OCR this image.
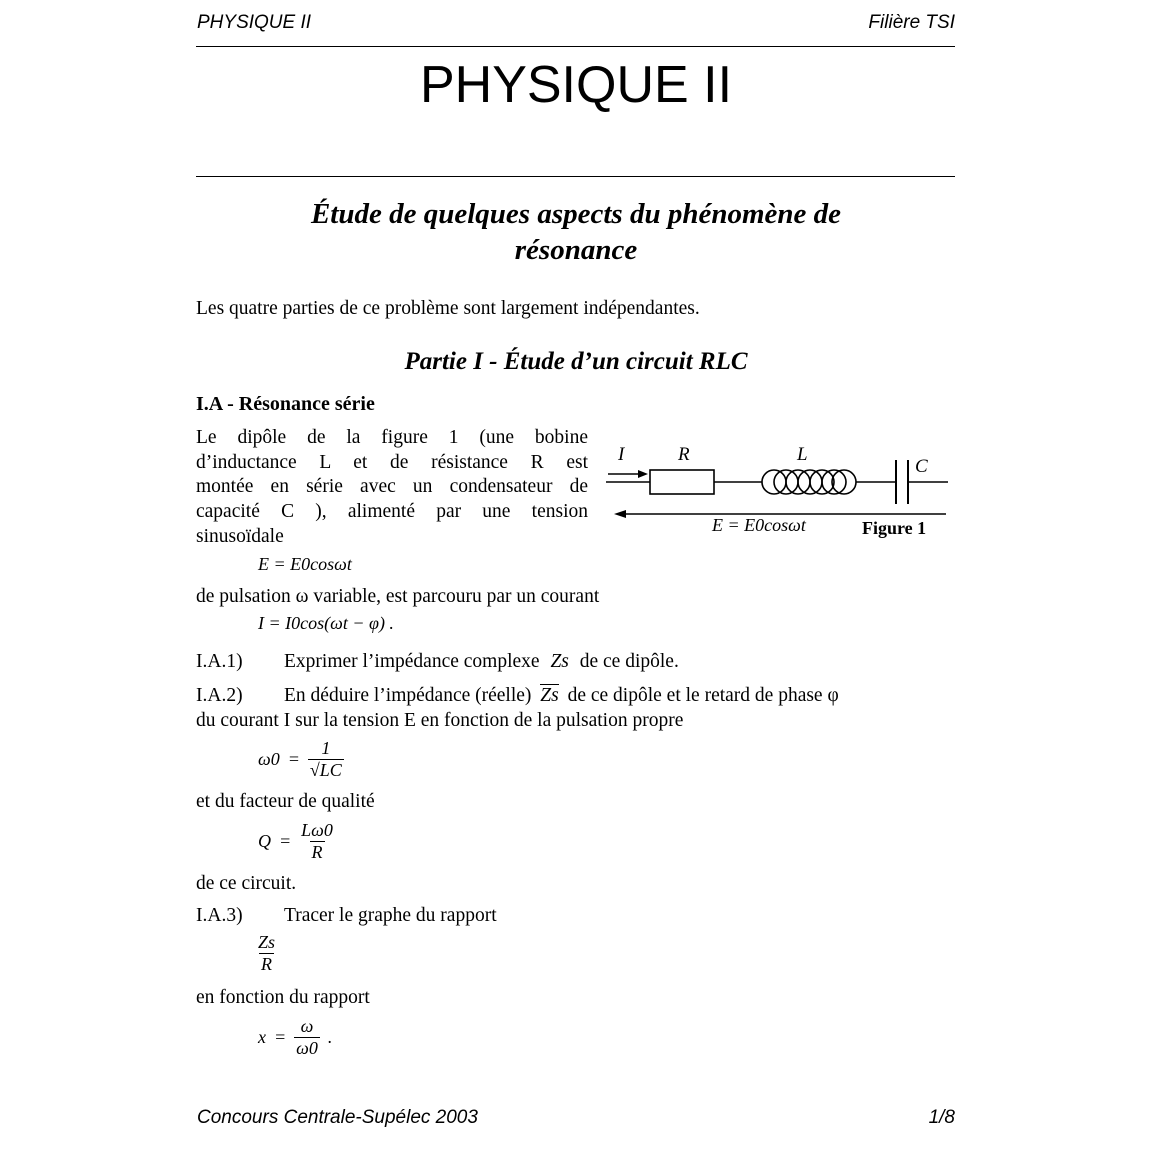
PHYSIQUE II	Filière TSI
PHYSIQUE II
Étude de quelques aspects du phénomène de
résonance
Les quatre parties de ce problème sont largement indépendantes.
Partie I - Étude d’un circuit RLC
I.A - Résonance série
Le dipôle de la figure 1 (une bobine
d’inductance L et de résistance R est
montée en série avec un condensateur de
capacité C ), alimenté par une tension
sinusoïdale
E = E0cosωt
de pulsation ω variable, est parcouru par un courant
I = I0cos(ωt − φ) .
I.A.1) Exprimer l’impédance complexe Zs de ce dipôle.
I.A.2) En déduire l’impédance (réelle) Zs de ce dipôle et le retard de phase φ
du courant I sur la tension E en fonction de la pulsation propre
$\omega 0 = \frac{1}{√LC}$
et du facteur de qualité
$Q = \frac{L\omega 0}{R}$
de ce circuit.
I.A.3) Tracer le graphe du rapport
$\frac{Zs}{R}$
en fonction du rapport
$x = \frac{\omega}{\omega 0}$ .
I	R	L
C
E = E0cosωt	Figure 1
Concours Centrale-Supélec 2003	1/8
